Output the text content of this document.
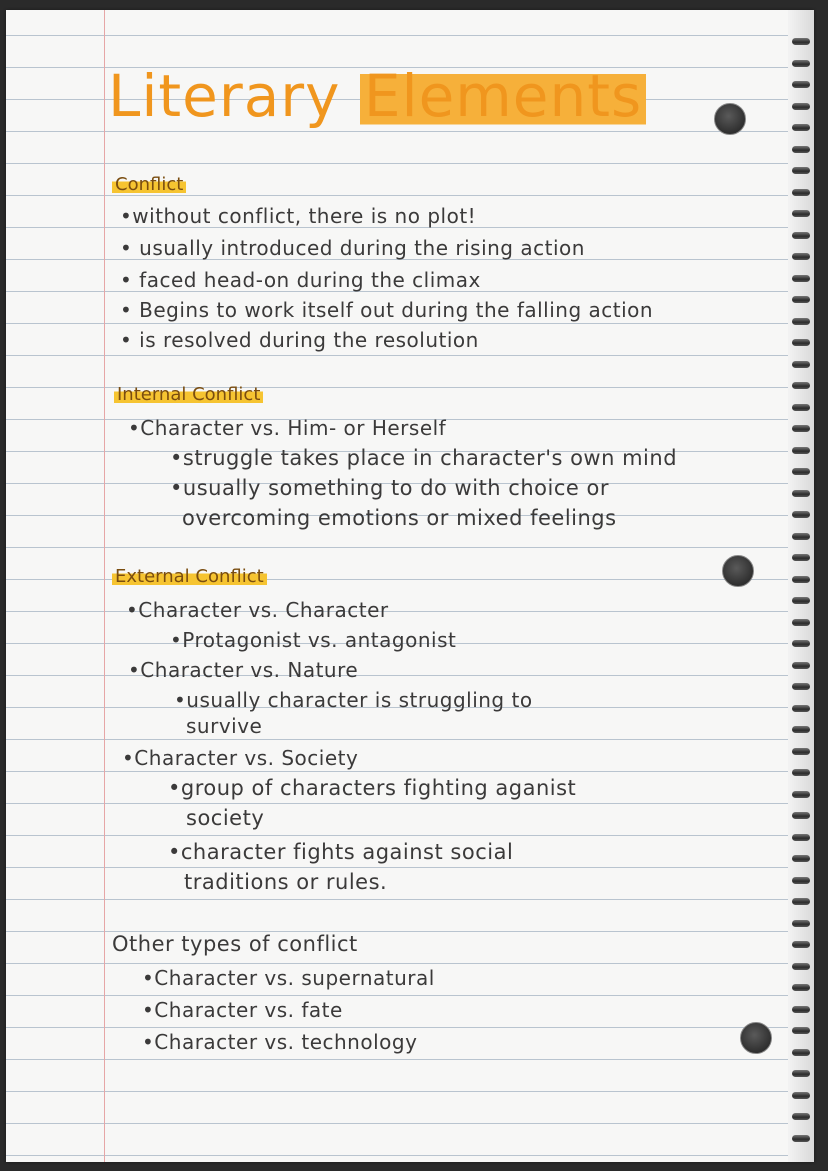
Literary Elements
Conflict
•without conflict, there is no plot!
• usually introduced during the rising action
• faced head-on during the climax
• Begins to work itself out during the falling action
• is resolved during the resolution
Internal Conflict
•Character vs. Him- or Herself
•struggle takes place in character's own mind
•usually something to do with choice or
overcoming emotions or mixed feelings
External Conflict
•Character vs. Character
•Protagonist vs. antagonist
•Character vs. Nature
•usually character is struggling to
survive
•Character vs. Society
•group of characters fighting aganist
society
•character fights against social
traditions or rules.
Other types of conflict
•Character vs. supernatural
•Character vs. fate
•Character vs. technology
